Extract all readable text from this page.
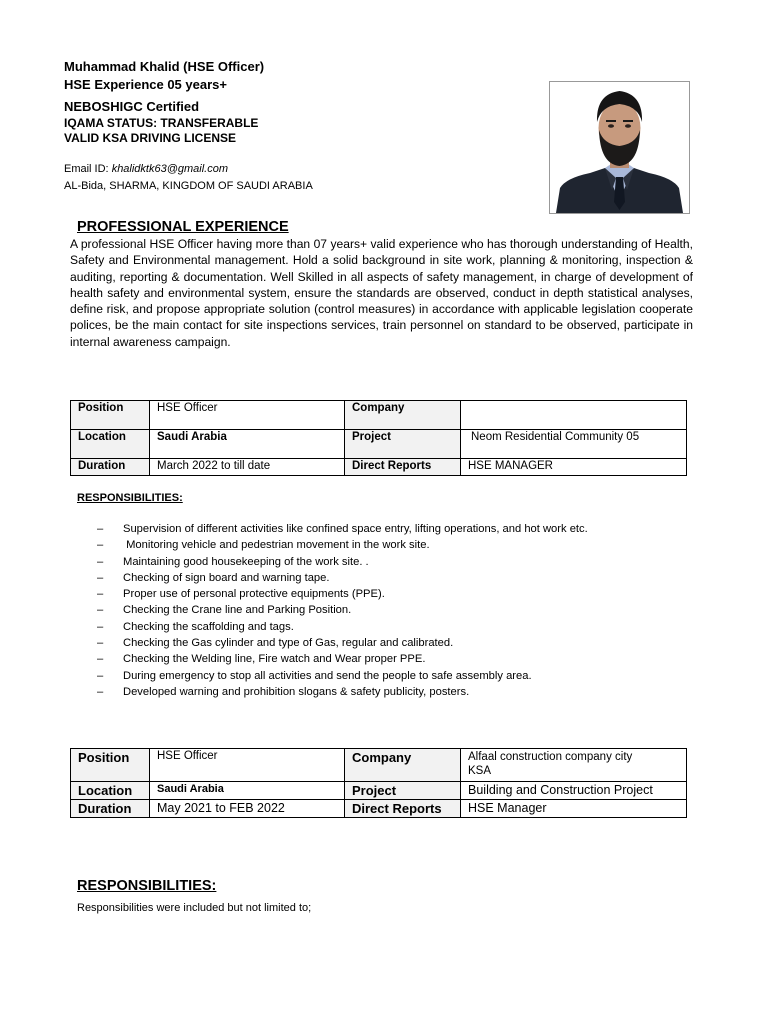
Muhammad Khalid (HSE Officer)
HSE Experience 05 years+
NEBOSHIGC Certified
IQAMA STATUS: TRANSFERABLE
VALID KSA DRIVING LICENSE
Email ID: khalidktk63@gmail.com
AL-Bida, SHARMA, KINGDOM OF SAUDI ARABIA
PROFESSIONAL EXPERIENCE
A professional HSE Officer having more than 07 years+ valid experience who has thorough understanding of Health, Safety and Environmental management. Hold a solid background in site work, planning & monitoring, inspection & auditing, reporting & documentation. Well Skilled in all aspects of safety management, in charge of development of health safety and environmental system, ensure the standards are observed, conduct in depth statistical analyses, define risk, and propose appropriate solution (control measures) in accordance with applicable legislation cooperate polices, be the main contact for site inspections services, train personnel on standard to be observed, participate in internal awareness campaign.
Position	HSE Officer	Company	
Location	Saudi Arabia	Project	Neom Residential Community 05
Duration	March 2022 to till date	Direct Reports	HSE MANAGER
RESPONSIBILITIES:
– Supervision of different activities like confined space entry, lifting operations, and hot work etc.
– Monitoring vehicle and pedestrian movement in the work site.
– Maintaining good housekeeping of the work site. .
– Checking of sign board and warning tape.
– Proper use of personal protective equipments (PPE).
– Checking the Crane line and Parking Position.
– Checking the scaffolding and tags.
– Checking the Gas cylinder and type of Gas, regular and calibrated.
– Checking the Welding line, Fire watch and Wear proper PPE.
– During emergency to stop all activities and send the people to safe assembly area.
– Developed warning and prohibition slogans & safety publicity, posters.
Position	HSE Officer	Company	Alfaal construction company city
KSA
Location	Saudi Arabia	Project	Building and Construction Project
Duration	May 2021 to FEB 2022	Direct Reports	HSE Manager
RESPONSIBILITIES:
Responsibilities were included but not limited to;
